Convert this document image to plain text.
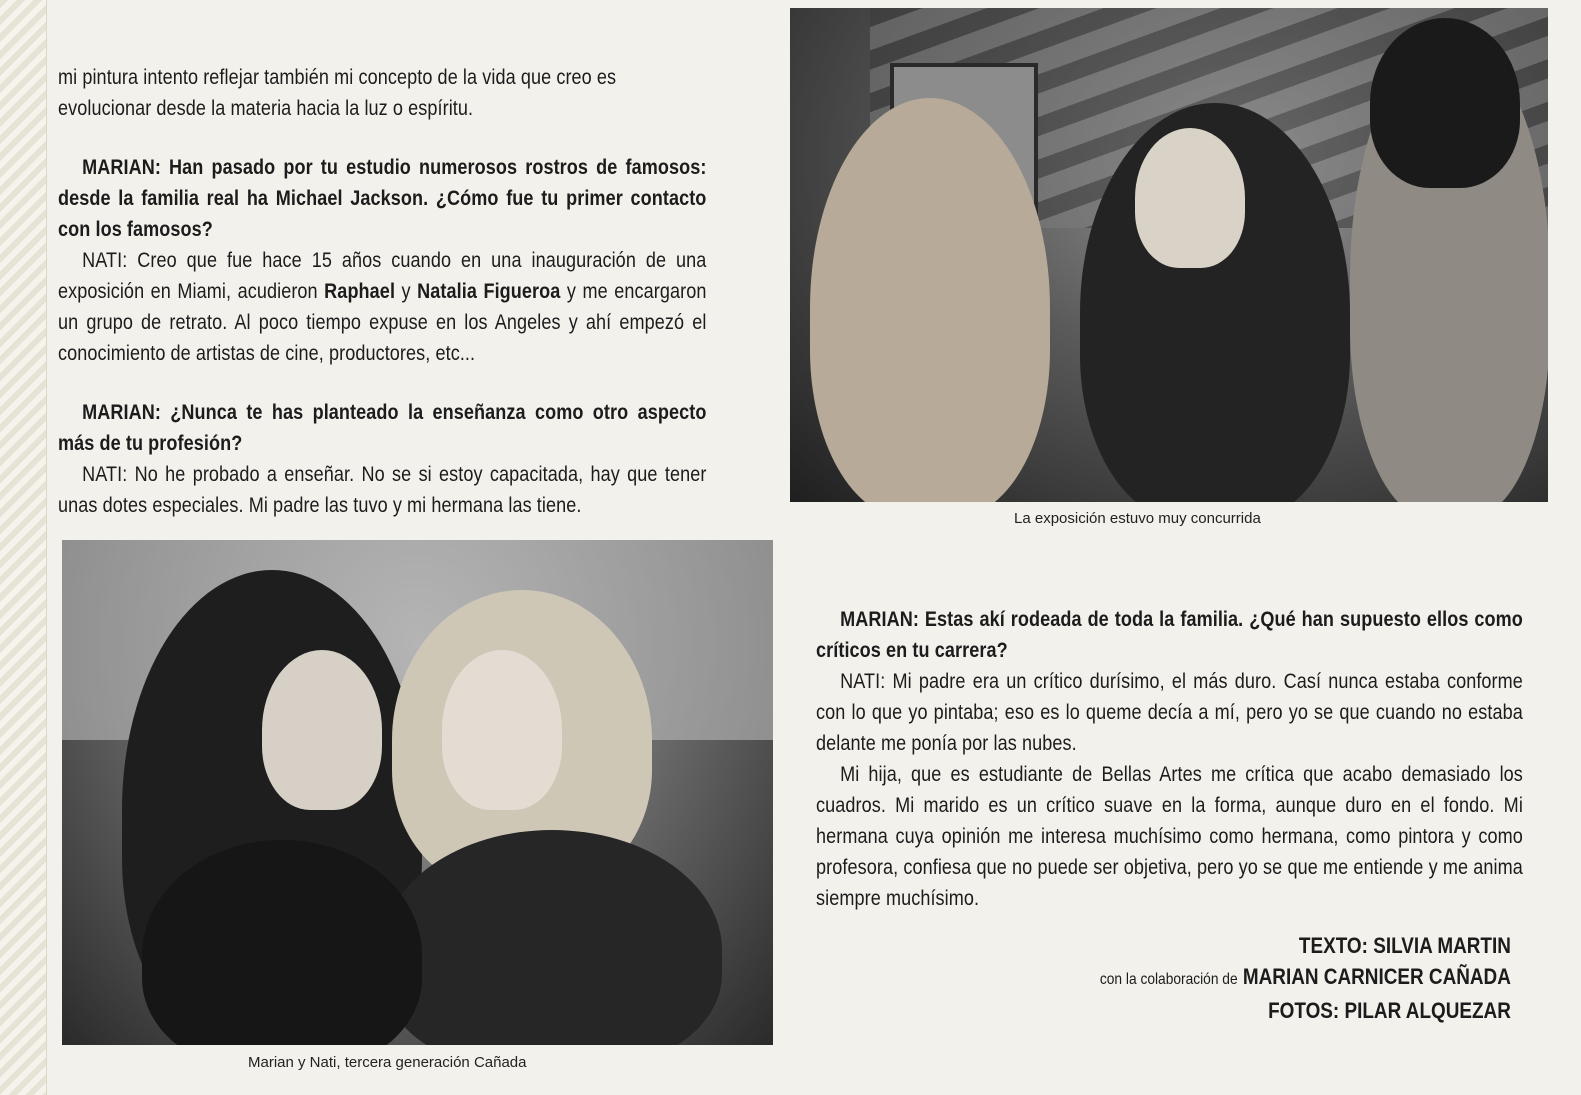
mi pintura intento reflejar también mi concepto de la vida que creo es
evolucionar desde la materia hacia la luz o espíritu.

MARIAN: Han pasado por tu estudio numerosos rostros de famosos: desde la familia real ha Michael Jackson. ¿Cómo fue tu primer contacto con los famosos?

NATI: Creo que fue hace 15 años cuando en una inauguración de una exposición en Miami, acudieron Raphael y Natalia Figueroa y me encargaron un grupo de retrato. Al poco tiempo expuse en los Angeles y ahí empezó el conocimiento de artistas de cine, productores, etc...

MARIAN: ¿Nunca te has planteado la enseñanza como otro aspecto más de tu profesión?

NATI: No he probado a enseñar. No se si estoy capacitada, hay que tener unas dotes especiales. Mi padre las tuvo y mi hermana las tiene.

La exposición estuvo muy concurrida
Marian y Nati, tercera generación Cañada

MARIAN: Estas akí rodeada de toda la familia. ¿Qué han supuesto ellos como críticos en tu carrera?

NATI: Mi padre era un crítico durísimo, el más duro. Casí nunca estaba conforme con lo que yo pintaba; eso es lo queme decía a mí, pero yo se que cuando no estaba delante me ponía por las nubes.

Mi hija, que es estudiante de Bellas Artes me crítica que acabo demasiado los cuadros. Mi marido es un crítico suave en la forma, aunque duro en el fondo. Mi hermana cuya opinión me interesa muchísimo como hermana, como pintora y como profesora, confiesa que no puede ser objetiva, pero yo se que me entiende y me anima siempre muchísimo.

TEXTO: SILVIA MARTIN
con la colaboración de MARIAN CARNICER CAÑADA
FOTOS: PILAR ALQUEZAR
